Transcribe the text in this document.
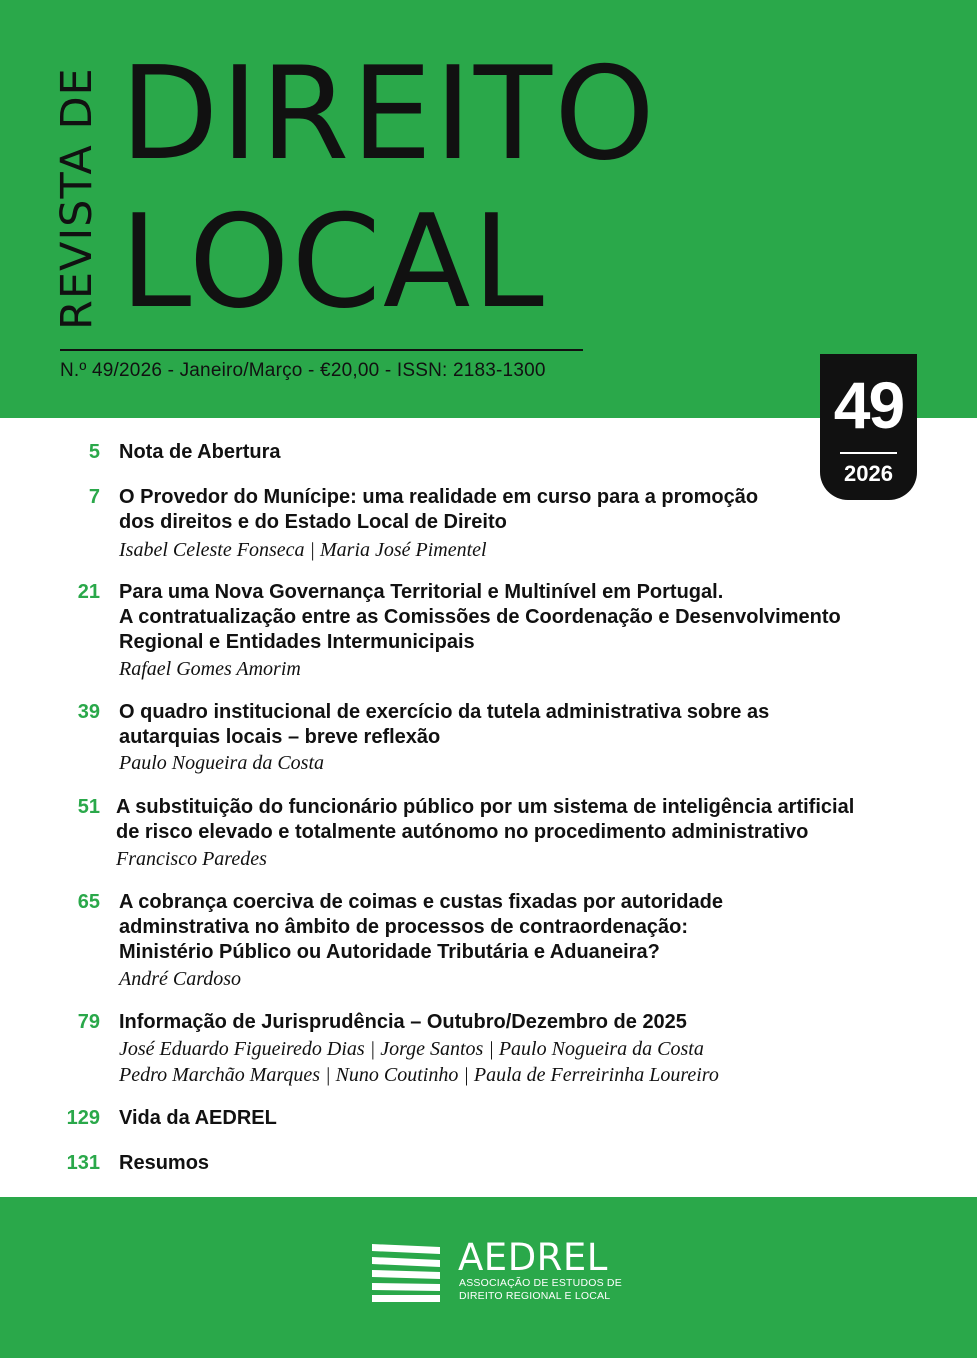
REVISTA DE DIREITO
LOCAL
N.º 49/2026 - Janeiro/Março - €20,00 - ISSN: 2183-1300	49
2026
5 Nota de Abertura
7 O Provedor do Munícipe: uma realidade em curso para a promoção
dos direitos e do Estado Local de Direito
Isabel Celeste Fonseca | Maria José Pimentel
21 Para uma Nova Governança Territorial e Multinível em Portugal.
A contratualização entre as Comissões de Coordenação e Desenvolvimento
Regional e Entidades Intermunicipais
Rafael Gomes Amorim
39 O quadro institucional de exercício da tutela administrativa sobre as
autarquias locais – breve reflexão
Paulo Nogueira da Costa
51 A substituição do funcionário público por um sistema de inteligência artificial
de risco elevado e totalmente autónomo no procedimento administrativo
Francisco Paredes
65 A cobrança coerciva de coimas e custas fixadas por autoridade
adminstrativa no âmbito de processos de contraordenação:
Ministério Público ou Autoridade Tributária e Aduaneira?
André Cardoso
79 Informação de Jurisprudência – Outubro/Dezembro de 2025
José Eduardo Figueiredo Dias | Jorge Santos | Paulo Nogueira da Costa
Pedro Marchão Marques | Nuno Coutinho | Paula de Ferreirinha Loureiro
129 Vida da AEDREL
131 Resumos
AEDREL
ASSOCIAÇÃO DE ESTUDOS DE
DIREITO REGIONAL E LOCAL
